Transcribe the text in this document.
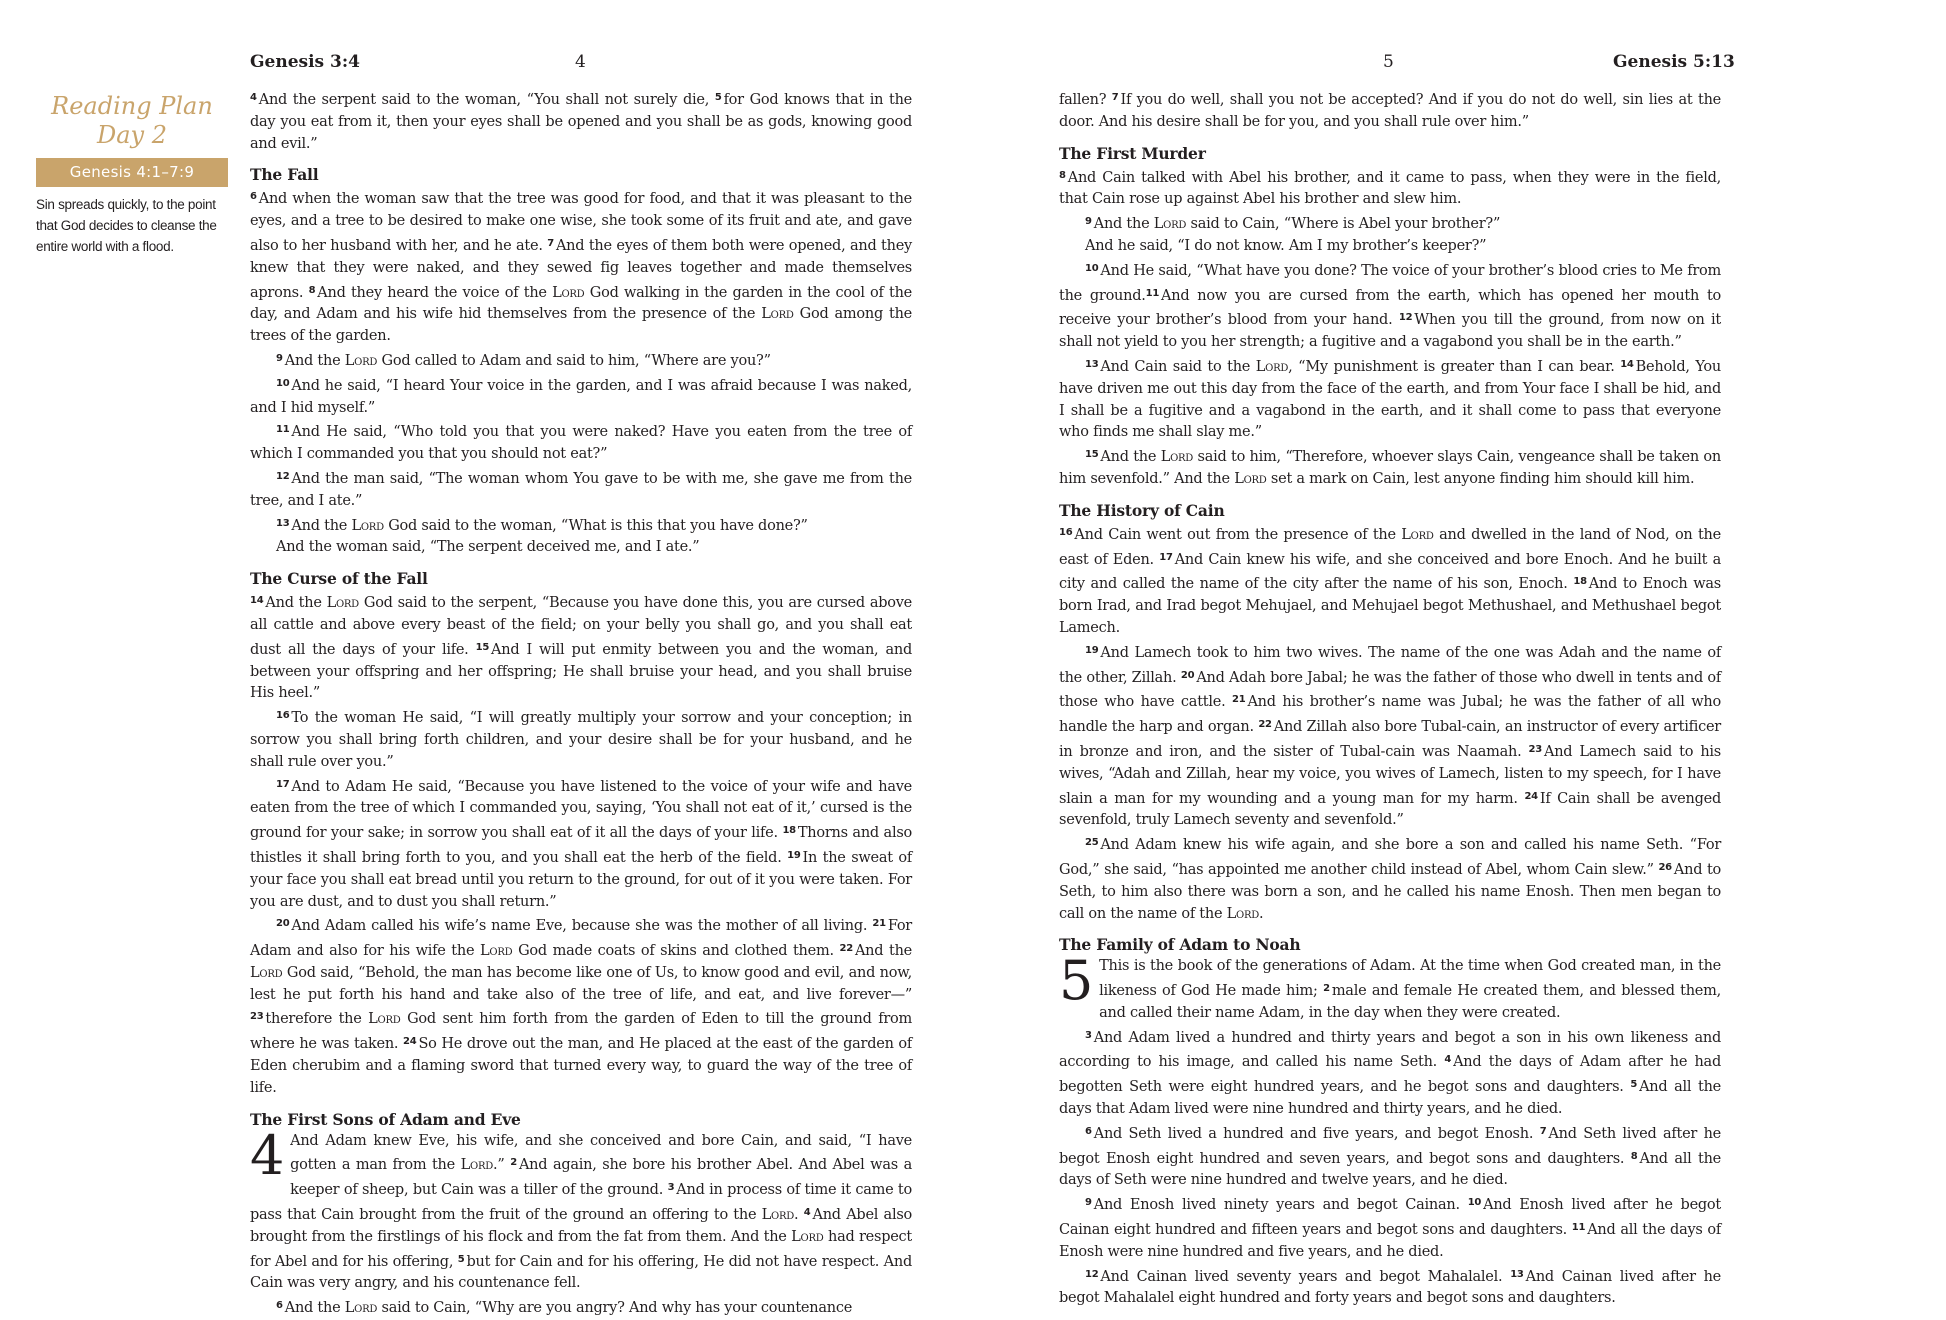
Genesis 3:4	4
Reading Plan
Day 2
Genesis 4:1–7:9
Sin spreads quickly, to the point that God decides to cleanse the entire world with a flood.

$^4$ And the serpent said to the woman, “You shall not surely die, $^5$ for God knows that in the day you eat from it, then your eyes shall be opened and you shall be as gods, knowing good and evil.”

The Fall

$^6$ And when the woman saw that the tree was good for food, and that it was pleasant to the eyes, and a tree to be desired to make one wise, she took some of its fruit and ate, and gave also to her husband with her, and he ate. $^7$ And the eyes of them both were opened, and they knew that they were naked, and they sewed fig leaves together and made themselves aprons. $^8$ And they heard the voice of the Lord God walking in the garden in the cool of the day, and Adam and his wife hid themselves from the presence of the Lord God among the trees of the garden.

$^9$ And the Lord God called to Adam and said to him, “Where are you?”

$^{10}$ And he said, “I heard Your voice in the garden, and I was afraid because I was naked, and I hid myself.”

$^{11}$ And He said, “Who told you that you were naked? Have you eaten from the tree of which I commanded you that you should not eat?”

$^{12}$ And the man said, “The woman whom You gave to be with me, she gave me from the tree, and I ate.”

$^{13}$ And the Lord God said to the woman, “What is this that you have done?”

And the woman said, “The serpent deceived me, and I ate.”

The Curse of the Fall

$^{14}$ And the Lord God said to the serpent, “Because you have done this, you are cursed above all cattle and above every beast of the field; on your belly you shall go, and you shall eat dust all the days of your life. $^{15}$ And I will put enmity between you and the woman, and between your offspring and her offspring; He shall bruise your head, and you shall bruise His heel.”

$^{16}$ To the woman He said, “I will greatly multiply your sorrow and your conception; in sorrow you shall bring forth children, and your desire shall be for your husband, and he shall rule over you.”

$^{17}$ And to Adam He said, “Because you have listened to the voice of your wife and have eaten from the tree of which I commanded you, saying, ‘You shall not eat of it,’ cursed is the ground for your sake; in sorrow you shall eat of it all the days of your life. $^{18}$ Thorns and also thistles it shall bring forth to you, and you shall eat the herb of the field. $^{19}$ In the sweat of your face you shall eat bread until you return to the ground, for out of it you were taken. For you are dust, and to dust you shall return.”

$^{20}$ And Adam called his wife’s name Eve, because she was the mother of all living. $^{21}$ For Adam and also for his wife the Lord God made coats of skins and clothed them. $^{22}$ And the Lord God said, “Behold, the man has become like one of Us, to know good and evil, and now, lest he put forth his hand and take also of the tree of life, and eat, and live forever—” $^{23}$ therefore the Lord God sent him forth from the garden of Eden to till the ground from where he was taken. $^{24}$ So He drove out the man, and He placed at the east of the garden of Eden cherubim and a flaming sword that turned every way, to guard the way of the tree of life.

The First Sons of Adam and Eve
4 And Adam knew Eve, his wife, and she conceived and bore Cain, and said, “I have gotten a man from the Lord.” $^2$ And again, she bore his brother Abel. And Abel was a keeper of sheep, but Cain was a tiller of the ground. $^3$ And in process of time it came to pass that Cain brought from the fruit of the ground an offering to the Lord. $^4$ And Abel also brought from the firstlings of his flock and from the fat from them. And the Lord had respect for Abel and for his offering, $^5$ but for Cain and for his offering, He did not have respect. And Cain was very angry, and his countenance fell.

$^6$ And the Lord said to Cain, “Why are you angry? And why has your countenance

5	Genesis 5:13

fallen? $^7$ If you do well, shall you not be accepted? And if you do not do well, sin lies at the door. And his desire shall be for you, and you shall rule over him.”

The First Murder

$^8$ And Cain talked with Abel his brother, and it came to pass, when they were in the field, that Cain rose up against Abel his brother and slew him.

$^9$ And the Lord said to Cain, “Where is Abel your brother?”

And he said, “I do not know. Am I my brother’s keeper?”

$^{10}$ And He said, “What have you done? The voice of your brother’s blood cries to Me from the ground.$^{11}$ And now you are cursed from the earth, which has opened her mouth to receive your brother’s blood from your hand. $^{12}$ When you till the ground, from now on it shall not yield to you her strength; a fugitive and a vagabond you shall be in the earth.”

$^{13}$ And Cain said to the Lord, “My punishment is greater than I can bear. $^{14}$ Behold, You have driven me out this day from the face of the earth, and from Your face I shall be hid, and I shall be a fugitive and a vagabond in the earth, and it shall come to pass that everyone who finds me shall slay me.”

$^{15}$ And the Lord said to him, “Therefore, whoever slays Cain, vengeance shall be taken on him sevenfold.” And the Lord set a mark on Cain, lest anyone finding him should kill him.

The History of Cain

$^{16}$ And Cain went out from the presence of the Lord and dwelled in the land of Nod, on the east of Eden. $^{17}$ And Cain knew his wife, and she conceived and bore Enoch. And he built a city and called the name of the city after the name of his son, Enoch. $^{18}$ And to Enoch was born Irad, and Irad begot Mehujael, and Mehujael begot Methushael, and Methushael begot Lamech.

$^{19}$ And Lamech took to him two wives. The name of the one was Adah and the name of the other, Zillah. $^{20}$ And Adah bore Jabal; he was the father of those who dwell in tents and of those who have cattle. $^{21}$ And his brother’s name was Jubal; he was the father of all who handle the harp and organ. $^{22}$ And Zillah also bore Tubal-cain, an instructor of every artificer in bronze and iron, and the sister of Tubal-cain was Naamah. $^{23}$ And Lamech said to his wives, “Adah and Zillah, hear my voice, you wives of Lamech, listen to my speech, for I have slain a man for my wounding and a young man for my harm. $^{24}$ If Cain shall be avenged sevenfold, truly Lamech seventy and sevenfold.”

$^{25}$ And Adam knew his wife again, and she bore a son and called his name Seth. “For God,” she said, “has appointed me another child instead of Abel, whom Cain slew.” $^{26}$ And to Seth, to him also there was born a son, and he called his name Enosh. Then men began to call on the name of the Lord.

The Family of Adam to Noah
5 This is the book of the generations of Adam. At the time when God created man, in the likeness of God He made him; $^2$ male and female He created them, and blessed them, and called their name Adam, in the day when they were created.

$^3$ And Adam lived a hundred and thirty years and begot a son in his own likeness and according to his image, and called his name Seth. $^4$ And the days of Adam after he had begotten Seth were eight hundred years, and he begot sons and daughters. $^5$ And all the days that Adam lived were nine hundred and thirty years, and he died.

$^6$ And Seth lived a hundred and five years, and begot Enosh. $^7$ And Seth lived after he begot Enosh eight hundred and seven years, and begot sons and daughters. $^8$ And all the days of Seth were nine hundred and twelve years, and he died.

$^9$ And Enosh lived ninety years and begot Cainan. $^{10}$ And Enosh lived after he begot Cainan eight hundred and fifteen years and begot sons and daughters. $^{11}$ And all the days of Enosh were nine hundred and five years, and he died.

$^{12}$ And Cainan lived seventy years and begot Mahalalel. $^{13}$ And Cainan lived after he begot Mahalalel eight hundred and forty years and begot sons and daughters.
